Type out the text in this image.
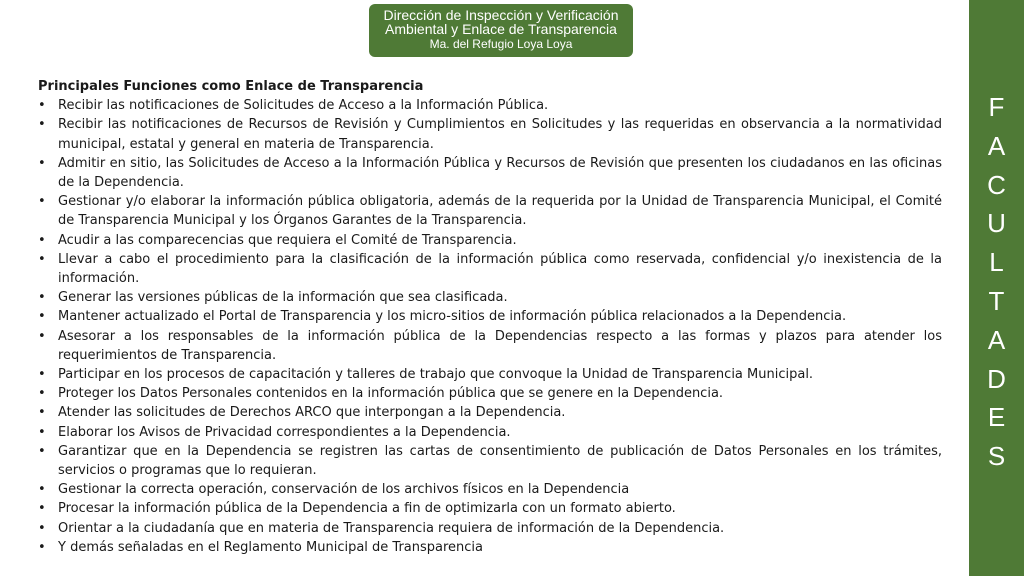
Dirección de Inspección y Verificación
Ambiental y Enlace de Transparencia
Ma. del Refugio Loya Loya
F
A
C
U
L
T
A
D
E
S
Principales Funciones como Enlace de Transparencia
• Recibir las notificaciones de Solicitudes de Acceso a la Información Pública.
• Recibir las notificaciones de Recursos de Revisión y Cumplimientos en Solicitudes y las requeridas en observancia a la normatividad municipal, estatal y general en materia de Transparencia.
• Admitir en sitio, las Solicitudes de Acceso a la Información Pública y Recursos de Revisión que presenten los ciudadanos en las oficinas de la Dependencia.
• Gestionar y/o elaborar la información pública obligatoria, además de la requerida por la Unidad de Transparencia Municipal, el Comité de Transparencia Municipal y los Órganos Garantes de la Transparencia.
• Acudir a las comparecencias que requiera el Comité de Transparencia.
• Llevar a cabo el procedimiento para la clasificación de la información pública como reservada, confidencial y/o inexistencia de la información.
• Generar las versiones públicas de la información que sea clasificada.
• Mantener actualizado el Portal de Transparencia y los micro-sitios de información pública relacionados a la Dependencia.
• Asesorar a los responsables de la información pública de la Dependencias respecto a las formas y plazos para atender los requerimientos de Transparencia.
• Participar en los procesos de capacitación y talleres de trabajo que convoque la Unidad de Transparencia Municipal.
• Proteger los Datos Personales contenidos en la información pública que se genere en la Dependencia.
• Atender las solicitudes de Derechos ARCO que interpongan a la Dependencia.
• Elaborar los Avisos de Privacidad correspondientes a la Dependencia.
• Garantizar que en la Dependencia se registren las cartas de consentimiento de publicación de Datos Personales en los trámites, servicios o programas que lo requieran.
• Gestionar la correcta operación, conservación de los archivos físicos en la Dependencia
• Procesar la información pública de la Dependencia a fin de optimizarla con un formato abierto.
• Orientar a la ciudadanía que en materia de Transparencia requiera de información de la Dependencia.
• Y demás señaladas en el Reglamento Municipal de Transparencia
